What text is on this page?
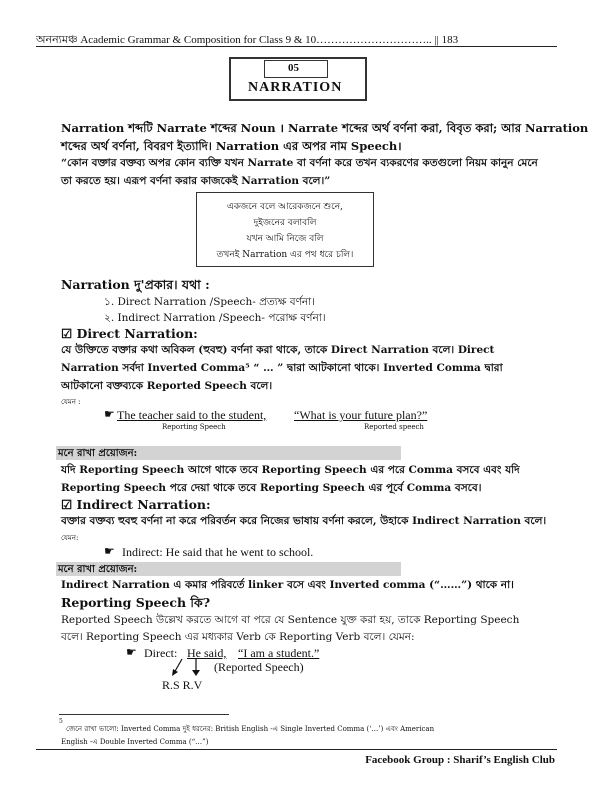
অনন্যমঞ্চ Academic Grammar & Composition for Class 9 & 10………………………….. || 183
05
NARRATION
Narration শব্দটি Narrate শব্দের Noun । Narrate শব্দের অর্থ বর্ণনা করা, বিবৃত করা; আর Narration
শব্দের অর্থ বর্ণনা, বিবরণ ইত্যাদি। Narration এর অপর নাম Speech।
“কোন বক্তার বক্তব্য অপর কোন ব্যক্তি যখন Narrate বা বর্ণনা করে তখন ব্যকরণের কতগুলো নিয়ম কানুন মেনে
তা করতে হয়। এরূপ বর্ণনা করার কাজকেই Narration বলে।”
একজনে বলে আরেকজনে শুনে,
দুইজনের বলাবলি
যখন আমি নিজে বলি
তখনই Narration এর পথ ধরে চলি।
Narration দু'প্রকার। যথা :
১. Direct Narration /Speech- প্রত্যক্ষ বর্ণনা।
২. Indirect Narration /Speech- পরোক্ষ বর্ণনা।
☑ Direct Narration:
যে উক্তিতে বক্তার কথা অবিকল (হুবহু) বর্ণনা করা থাকে, তাকে Direct Narration বলে। Direct
Narration সর্বদা Inverted Comma⁵ “ … ” দ্বারা আটকানো থাকে। Inverted Comma দ্বারা
আটকানো বক্তব্যকে Reported Speech বলে।
যেমন :
☛ The teacher said to the student, “What is your future plan?”
Reporting Speech	Reported speech
মনে রাখা প্রয়োজন:
যদি Reporting Speech আগে থাকে তবে Reporting Speech এর পরে Comma বসবে এবং যদি
Reporting Speech পরে দেয়া থাকে তবে Reporting Speech এর পূর্বে Comma বসবে।
☑ Indirect Narration:
বক্তার বক্তব্য হুবহু বর্ণনা না করে পরিবর্তন করে নিজের ভাষায় বর্ণনা করলে, উহাকে Indirect Narration বলে।
যেমন:
☛ Indirect: He said that he went to school.
মনে রাখা প্রয়োজন:
Indirect Narration এ কমার পরিবর্তে linker বসে এবং Inverted comma (“……”) থাকে না।
Reporting Speech কি?
Reported Speech উল্লেখ করতে আগে বা পরে যে Sentence যুক্ত করা হয়, তাকে Reporting Speech
বলে। Reporting Speech এর মধ্যকার Verb কে Reporting Verb বলে। যেমন:
☛ Direct: He said, “I am a student.”
(Reported Speech)
R.S R.V
5
জেনে রাখা ভালো: Inverted Comma দুই ধরনের: British English -এ Single Inverted Comma (‘…’) এবং American
English -এ Double Inverted Comma (“…”)
Facebook Group : Sharif’s English Club
